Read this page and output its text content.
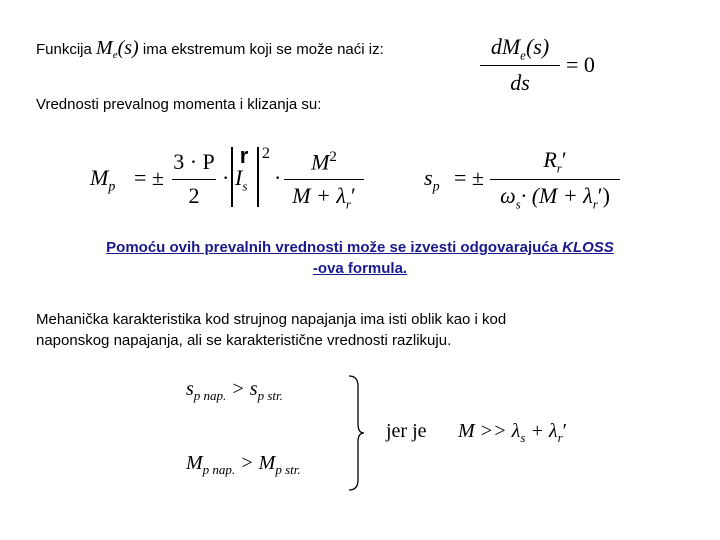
Funkcija $M_e(s)$ ima ekstremum koji se može naći iz:	$dM_e(s)$
ds
= 0
Vrednosti prevalnog momenta i klizanja su:
$M_p$ = ±
3 · P
2
·
r
$I_s$
2
·
$M^2$
$M + \lambda_r'$
$s_p$ = ±
$R_r'$
$\omega_s\cdot (M + \lambda_r')$
Pomoću ovih prevalnih vrednosti može se izvesti odgovarajuća KLOSS
-ova formula.
Mehanička karakteristika kod strujnog napajanja ima isti oblik kao i kod
naponskog napajanja, ali se karakteristične vrednosti razlikuju.
$s_{p nap.} > s_{p str.}$
$M_{p nap.} > M_{p str.}$
jer je $M >> \lambda_s + \lambda_r'$
